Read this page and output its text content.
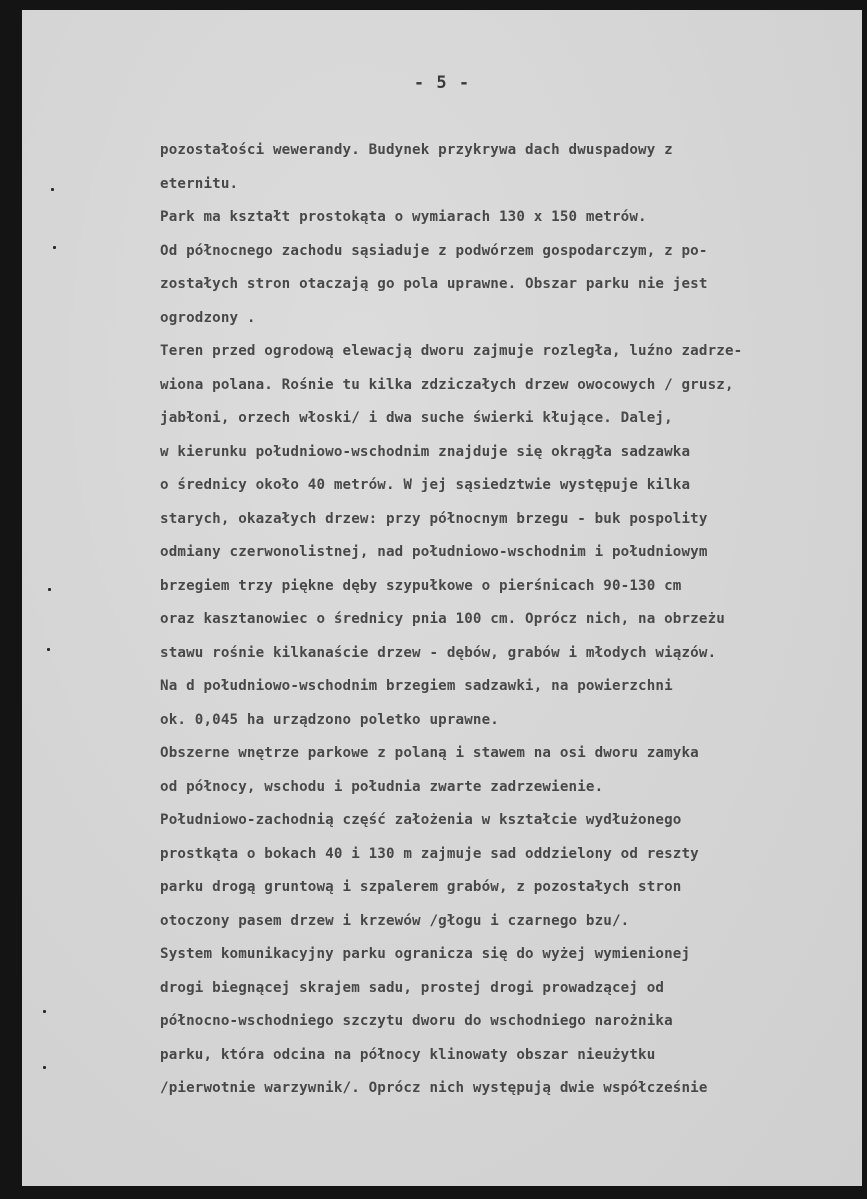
- 5 -
pozostałości wewerandy. Budynek przykrywa dach dwuspadowy z
eternitu.
Park ma kształt prostokąta o wymiarach 130 x 150 metrów.
Od północnego zachodu sąsiaduje z podwórzem gospodarczym, z po-
zostałych stron otaczają go pola uprawne. Obszar parku nie jest
ogrodzony .
Teren przed ogrodową elewacją dworu zajmuje rozległa, luźno zadrze-
wiona polana. Rośnie tu kilka zdziczałych drzew owocowych / grusz,
jabłoni, orzech włoski/ i dwa suche świerki kłujące. Dalej,
w kierunku południowo-wschodnim znajduje się okrągła sadzawka
o średnicy około 40 metrów. W jej sąsiedztwie występuje kilka
starych, okazałych drzew: przy północnym brzegu - buk pospolity
odmiany czerwonolistnej, nad południowo-wschodnim i południowym
brzegiem trzy piękne dęby szypułkowe o pierśnicach 90-130 cm
oraz kasztanowiec o średnicy pnia 100 cm. Oprócz nich, na obrzeżu
stawu rośnie kilkanaście drzew - dębów, grabów i młodych wiązów.
Na d południowo-wschodnim brzegiem sadzawki, na powierzchni
ok. 0,045 ha urządzono poletko uprawne.
Obszerne wnętrze parkowe z polaną i stawem na osi dworu zamyka
od północy, wschodu i południa zwarte zadrzewienie.
Południowo-zachodnią część założenia w kształcie wydłużonego
prostkąta o bokach 40 i 130 m zajmuje sad oddzielony od reszty
parku drogą gruntową i szpalerem grabów, z pozostałych stron
otoczony pasem drzew i krzewów /głogu i czarnego bzu/.
System komunikacyjny parku ogranicza się do wyżej wymienionej
drogi biegnącej skrajem sadu, prostej drogi prowadzącej od
północno-wschodniego szczytu dworu do wschodniego narożnika
parku, która odcina na północy klinowaty obszar nieużytku
/pierwotnie warzywnik/. Oprócz nich występują dwie współcześnie
